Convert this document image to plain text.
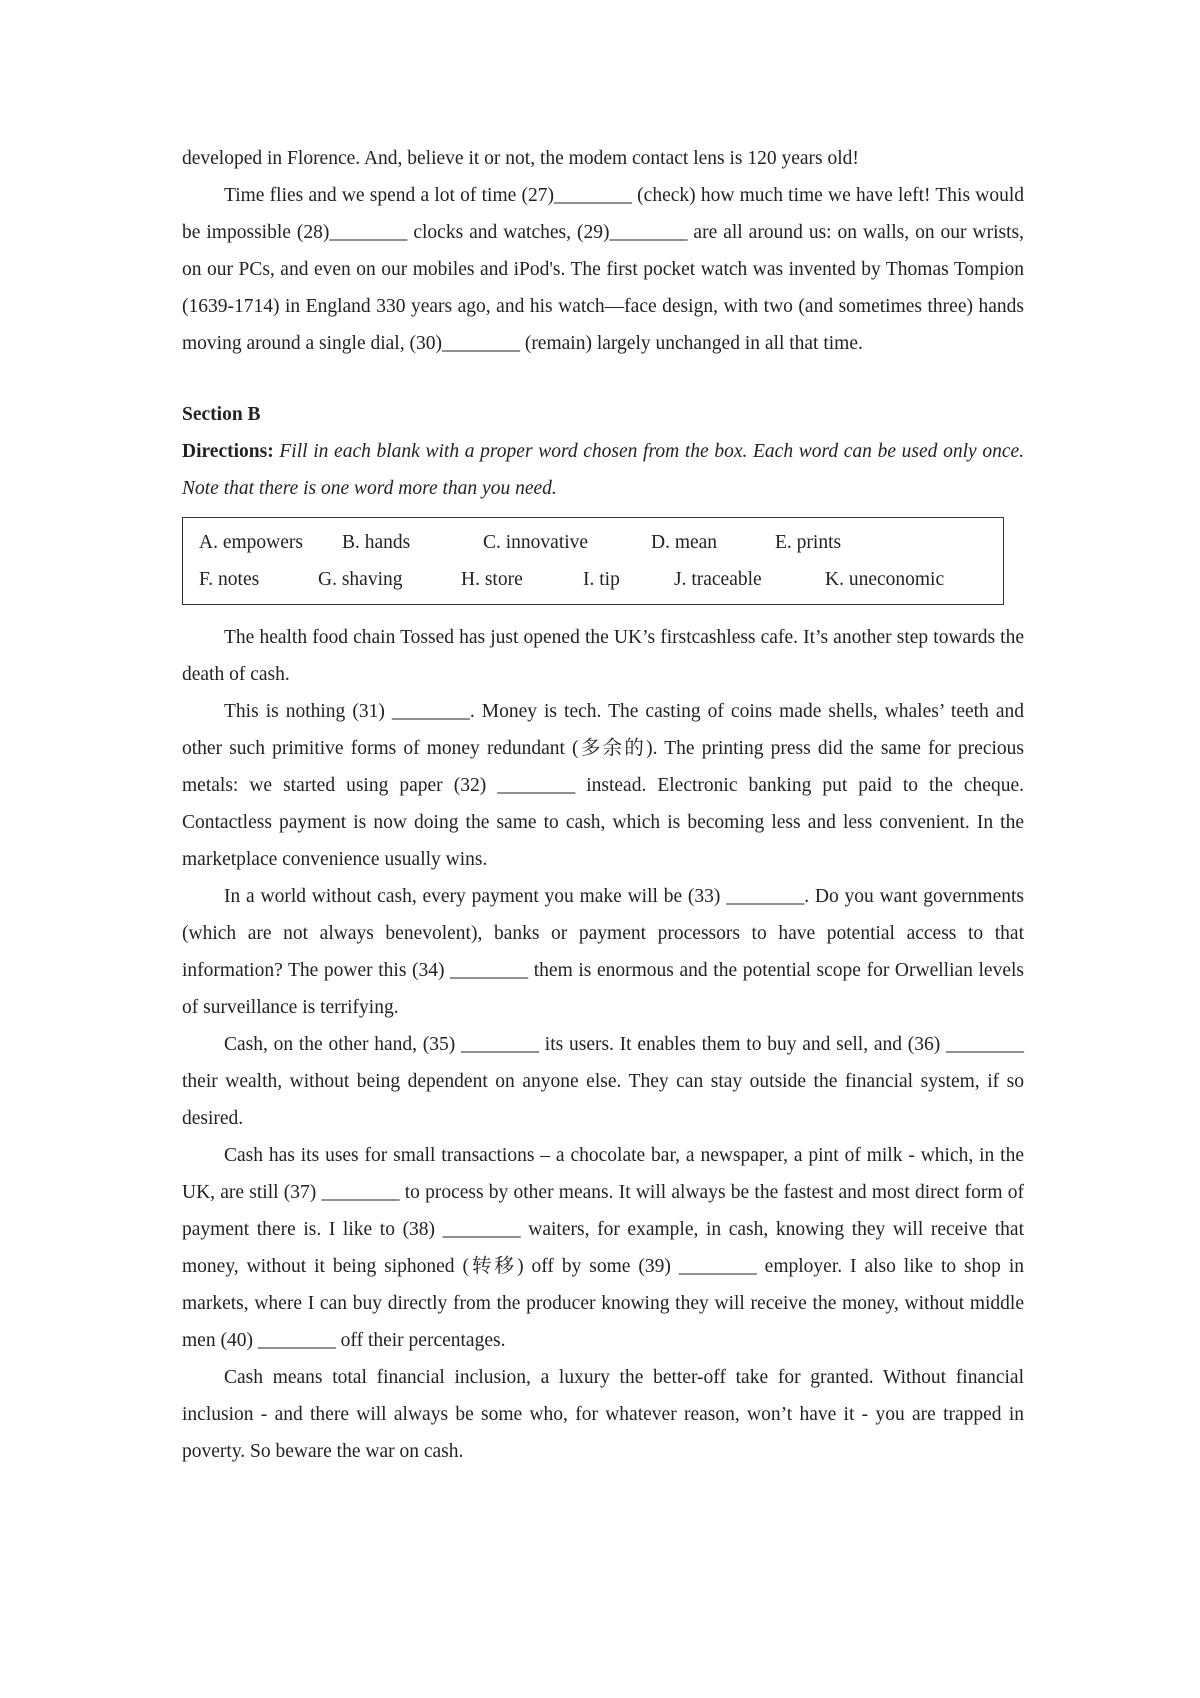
developed in Florence. And, believe it or not, the modem contact lens is 120 years old!

Time flies and we spend a lot of time (27)________ (check) how much time we have left! This would be impossible (28)________ clocks and watches, (29)________ are all around us: on walls, on our wrists, on our PCs, and even on our mobiles and iPod's. The first pocket watch was invented by Thomas Tompion (1639-1714) in England 330 years ago, and his watch—face design, with two (and sometimes three) hands moving around a single dial, (30)________ (remain) largely unchanged in all that time.

Section B

Directions: Fill in each blank with a proper word chosen from the box. Each word can be used only once. Note that there is one word more than you need.

A. empowers B. hands	C. innovative	D. mean	E. prints
F. notes	G. shaving	H. store	I. tip	J. traceable	K. uneconomic

The health food chain Tossed has just opened the UK’s firstcashless cafe. It’s another step towards the death of cash.

This is nothing (31) ________. Money is tech. The casting of coins made shells, whales’ teeth and other such primitive forms of money redundant (多余的). The printing press did the same for precious metals: we started using paper (32) ________ instead. Electronic banking put paid to the cheque. Contactless payment is now doing the same to cash, which is becoming less and less convenient. In the marketplace convenience usually wins.

In a world without cash, every payment you make will be (33) ________. Do you want governments (which are not always benevolent), banks or payment processors to have potential access to that information? The power this (34) ________ them is enormous and the potential scope for Orwellian levels of surveillance is terrifying.

Cash, on the other hand, (35) ________ its users. It enables them to buy and sell, and (36) ________ their wealth, without being dependent on anyone else. They can stay outside the financial system, if so desired.

Cash has its uses for small transactions – a chocolate bar, a newspaper, a pint of milk - which, in the UK, are still (37) ________ to process by other means. It will always be the fastest and most direct form of payment there is. I like to (38) ________ waiters, for example, in cash, knowing they will receive that money, without it being siphoned (转移) off by some (39) ________ employer. I also like to shop in markets, where I can buy directly from the producer knowing they will receive the money, without middle men (40) ________ off their percentages.

Cash means total financial inclusion, a luxury the better-off take for granted. Without financial inclusion - and there will always be some who, for whatever reason, won’t have it - you are trapped in poverty. So beware the war on cash.
